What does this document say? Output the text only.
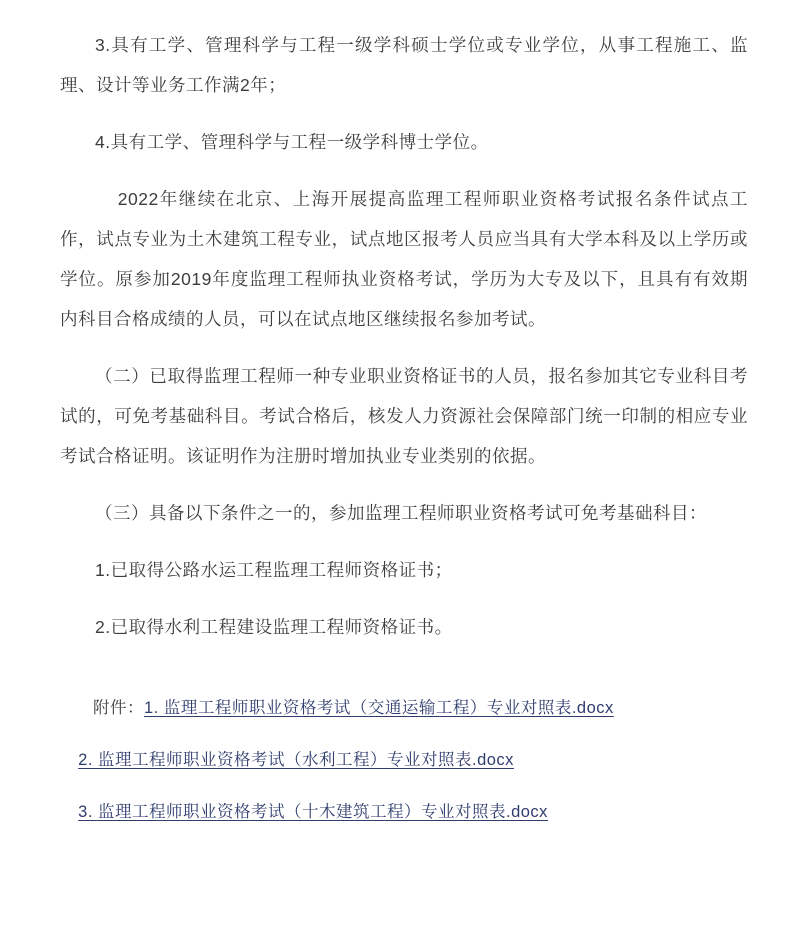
3.具有工学、管理科学与工程一级学科硕士学位或专业学位，从事工程施工、监理、设计等业务工作满2年；

4.具有工学、管理科学与工程一级学科博士学位。

2022年继续在北京、上海开展提高监理工程师职业资格考试报名条件试点工作，试点专业为土木建筑工程专业，试点地区报考人员应当具有大学本科及以上学历或学位。原参加2019年度监理工程师执业资格考试，学历为大专及以下，且具有有效期内科目合格成绩的人员，可以在试点地区继续报名参加考试。

（二）已取得监理工程师一种专业职业资格证书的人员，报名参加其它专业科目考试的，可免考基础科目。考试合格后，核发人力资源社会保障部门统一印制的相应专业考试合格证明。该证明作为注册时增加执业专业类别的依据。

（三）具备以下条件之一的，参加监理工程师职业资格考试可免考基础科目：

1.已取得公路水运工程监理工程师资格证书；

2.已取得水利工程建设监理工程师资格证书。

附件：1. 监理工程师职业资格考试（交通运输工程）专业对照表.docx

2. 监理工程师职业资格考试（水利工程）专业对照表.docx

3. 监理工程师职业资格考试（十木建筑工程）专业对照表.docx
